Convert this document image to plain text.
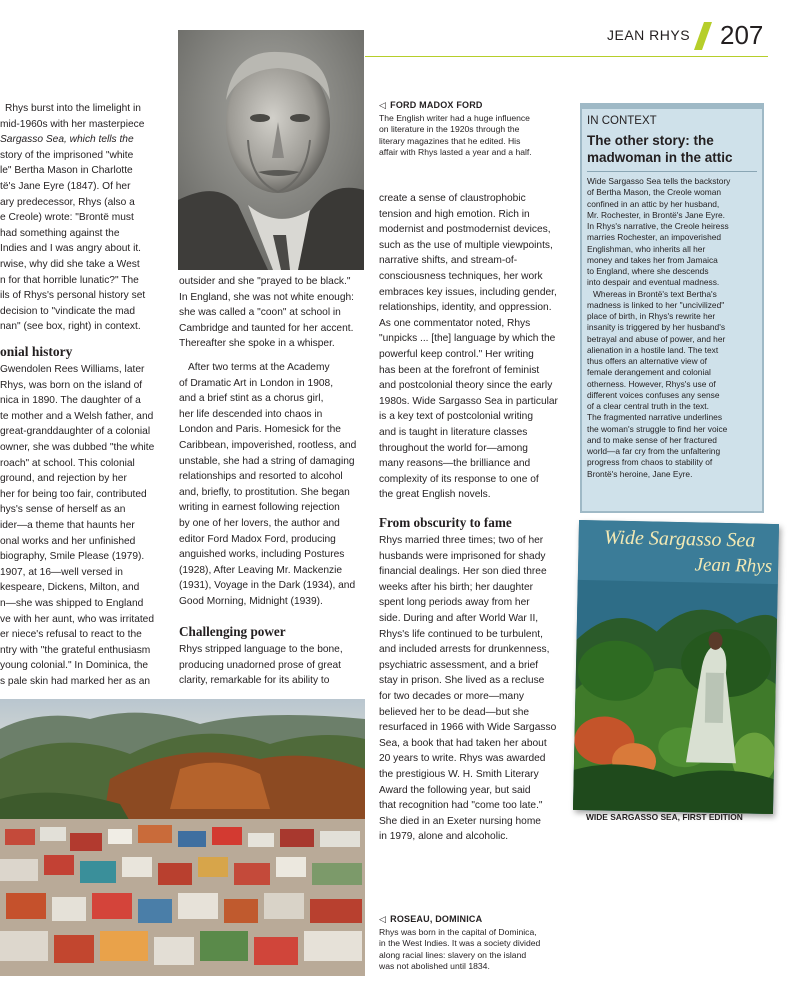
JEAN RHYS 207
Rhys burst into the limelight in
mid-1960s with her masterpiece
Sargasso Sea, which tells the
story of the imprisoned "white
le" Bertha Mason in Charlotte
të's Jane Eyre (1847). Of her
ary predecessor, Rhys (also a
e Creole) wrote: "Brontë must
had something against the
Indies and I was angry about it.
rwise, why did she take a West
n for that horrible lunatic?" The
ils of Rhys's personal history set
decision to "vindicate the mad
nan" (see box, right) in context.
onial history
Gwendolen Rees Williams, later
Rhys, was born on the island of
nica in 1890. The daughter of a
te mother and a Welsh father, and
great-granddaughter of a colonial
owner, she was dubbed "the white
roach" at school. This colonial
ground, and rejection by her
her for being too fair, contributed
hys's sense of herself as an
ider—a theme that haunts her
onal works and her unfinished
biography, Smile Please (1979).
1907, at 16—well versed in
kespeare, Dickens, Milton, and
n—she was shipped to England
ve with her aunt, who was irritated
er niece's refusal to react to the
ntry with "the grateful enthusiasm
young colonial." In Dominica, the
s pale skin had marked her as an
outsider and she "prayed to be black."
In England, she was not white enough:
she was called a "coon" at school in
Cambridge and taunted for her accent.
Thereafter she spoke in a whisper.
After two terms at the Academy
of Dramatic Art in London in 1908,
and a brief stint as a chorus girl,
her life descended into chaos in
London and Paris. Homesick for the
Caribbean, impoverished, rootless, and
unstable, she had a string of damaging
relationships and resorted to alcohol
and, briefly, to prostitution. She began
writing in earnest following rejection
by one of her lovers, the author and
editor Ford Madox Ford, producing
anguished works, including Postures
(1928), After Leaving Mr. Mackenzie
(1931), Voyage in the Dark (1934), and
Good Morning, Midnight (1939).
Challenging power
Rhys stripped language to the bone,
producing unadorned prose of great
clarity, remarkable for its ability to
◁ FORD MADOX FORD
The English writer had a huge influence
on literature in the 1920s through the
literary magazines that he edited. His
affair with Rhys lasted a year and a half.
create a sense of claustrophobic
tension and high emotion. Rich in
modernist and postmodernist devices,
such as the use of multiple viewpoints,
narrative shifts, and stream-of-
consciousness techniques, her work
embraces key issues, including gender,
relationships, identity, and oppression.
As one commentator noted, Rhys
"unpicks ... [the] language by which the
powerful keep control." Her writing
has been at the forefront of feminist
and postcolonial theory since the early
1980s. Wide Sargasso Sea in particular
is a key text of postcolonial writing
and is taught in literature classes
throughout the world for—among
many reasons—the brilliance and
complexity of its response to one of
the great English novels.
From obscurity to fame
Rhys married three times; two of her
husbands were imprisoned for shady
financial dealings. Her son died three
weeks after his birth; her daughter
spent long periods away from her
side. During and after World War II,
Rhys's life continued to be turbulent,
and included arrests for drunkenness,
psychiatric assessment, and a brief
stay in prison. She lived as a recluse
for two decades or more—many
believed her to be dead—but she
resurfaced in 1966 with Wide Sargasso
Sea, a book that had taken her about
20 years to write. Rhys was awarded
the prestigious W. H. Smith Literary
Award the following year, but said
that recognition had "come too late."
She died in an Exeter nursing home
in 1979, alone and alcoholic.
IN CONTEXT
The other story: the
madwoman in the attic
Wide Sargasso Sea tells the backstory
of Bertha Mason, the Creole woman
confined in an attic by her husband,
Mr. Rochester, in Brontë's Jane Eyre.
In Rhys's narrative, the Creole heiress
marries Rochester, an impoverished
Englishman, who inherits all her
money and takes her from Jamaica
to England, where she descends
into despair and eventual madness.
Whereas in Brontë's text Bertha's
madness is linked to her "uncivilized"
place of birth, in Rhys's rewrite her
insanity is triggered by her husband's
betrayal and abuse of power, and her
alienation in a hostile land. The text
thus offers an alternative view of
female derangement and colonial
otherness. However, Rhys's use of
different voices confuses any sense
of a clear central truth in the text.
The fragmented narrative underlines
the woman's struggle to find her voice
and to make sense of her fractured
world—a far cry from the unfaltering
progress from chaos to stability of
Brontë's heroine, Jane Eyre.
Wide Sargasso Sea
Jean Rhys
WIDE SARGASSO SEA, FIRST EDITION
◁ ROSEAU, DOMINICA
Rhys was born in the capital of Dominica,
in the West Indies. It was a society divided
along racial lines: slavery on the island
was not abolished until 1834.
